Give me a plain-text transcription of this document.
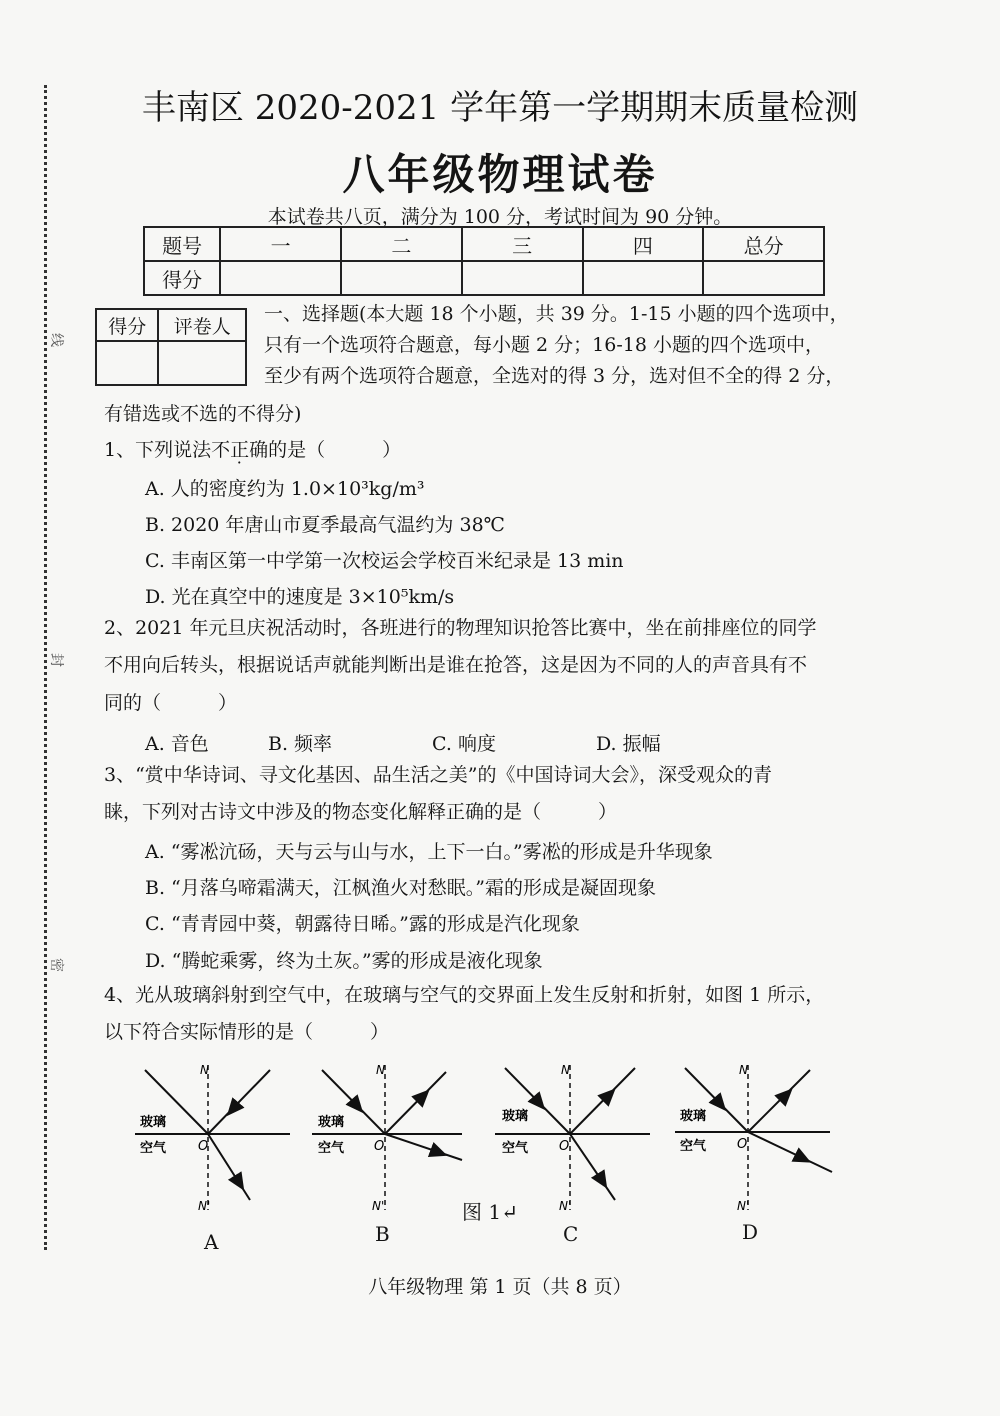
线
封
密
丰南区 2020-2021 学年第一学期期末质量检测
八年级物理试卷
本试卷共八页，满分为 100 分，考试时间为 90 分钟。
题号	一	二	三	四	总分
得分					
得分	评卷人

一、选择题(本大题 18 个小题，共 39 分。1-15 小题的四个选项中，
只有一个选项符合题意，每小题 2 分；16-18 小题的四个选项中，
至少有两个选项符合题意，全选对的得 3 分，选对但不全的得 2 分，
有错选或不选的不得分)
1、下列说法不正确的是（　　　）
A. 人的密度约为 1.0×10³kg/m³
B. 2020 年唐山市夏季最高气温约为 38℃
C. 丰南区第一中学第一次校运会学校百米纪录是 13 min
D. 光在真空中的速度是 3×10⁵km/s
2、2021 年元旦庆祝活动时，各班进行的物理知识抢答比赛中，坐在前排座位的同学
不用向后转头，根据说话声就能判断出是谁在抢答，这是因为不同的人的声音具有不
同的（　　　）
A. 音色	B. 频率	C. 响度	D. 振幅
3、“赏中华诗词、寻文化基因、品生活之美”的《中国诗词大会》，深受观众的青
睐，下列对古诗文中涉及的物态变化解释正确的是（　　　）
A. “雾凇沆砀，天与云与山与水，上下一白。”雾凇的形成是升华现象
B. “月落乌啼霜满天，江枫渔火对愁眠。”霜的形成是凝固现象
C. “青青园中葵，朝露待日晞。”露的形成是汽化现象
D. “腾蛇乘雾，终为土灰。”雾的形成是液化现象
4、光从玻璃斜射到空气中，在玻璃与空气的交界面上发生反射和折射，如图 1 所示，
以下符合实际情形的是（　　　）
玻璃
空气
N
N'
O
玻璃
空气
N
N'
O
玻璃
空气
N
N'
O
玻璃
空气
N
N'
O
图 1↵
A	B	C	D
八年级物理 第 1 页（共 8 页）
